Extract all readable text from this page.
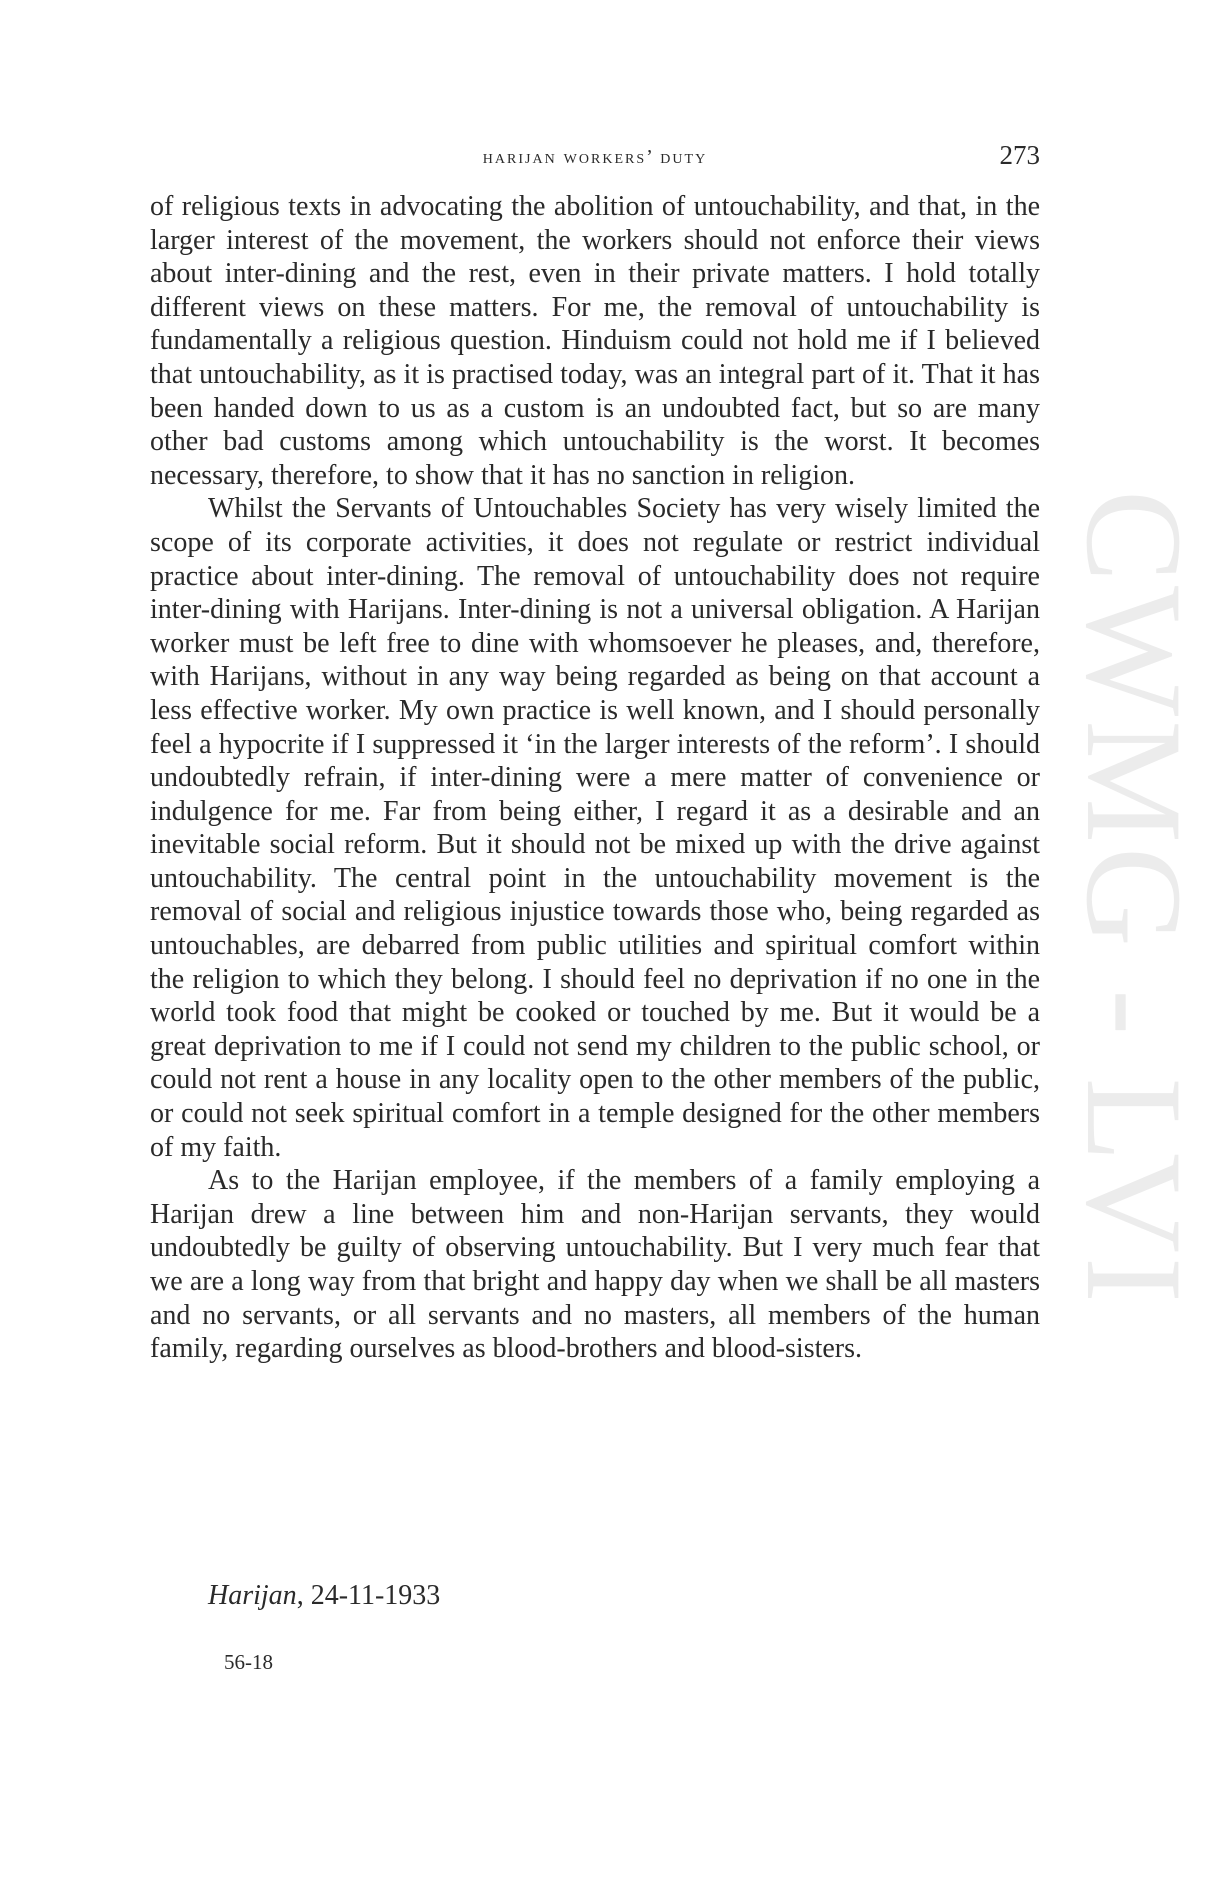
harijan workers’ duty	273

of religious texts in advocating the abolition of untouchability, and that, in the larger interest of the movement, the workers should not enforce their views about inter-dining and the rest, even in their private matters. I hold totally different views on these matters. For me, the removal of untouchability is fundamentally a religious question. Hinduism could not hold me if I believed that untouchability, as it is practised today, was an integral part of it. That it has been handed down to us as a custom is an undoubted fact, but so are many other bad customs among which untouchability is the worst. It becomes necessary, therefore, to show that it has no sanction in religion.

Whilst the Servants of Untouchables Society has very wisely limited the scope of its corporate activities, it does not regulate or restrict individual practice about inter-dining. The removal of untouchability does not require inter-dining with Harijans. Inter-dining is not a universal obligation. A Harijan worker must be left free to dine with whomsoever he pleases, and, therefore, with Harijans, without in any way being regarded as being on that account a less effective worker. My own practice is well known, and I should personally feel a hypocrite if I suppressed it ‘in the larger interests of the reform’. I should undoubtedly refrain, if inter-dining were a mere matter of convenience or indulgence for me. Far from being either, I regard it as a desirable and an inevitable social reform. But it should not be mixed up with the drive against untouchability. The central point in the untouchability movement is the removal of social and religious injustice towards those who, being regarded as untouchables, are debarred from public utilities and spiritual comfort within the religion to which they belong. I should feel no deprivation if no one in the world took food that might be cooked or touched by me. But it would be a great deprivation to me if I could not send my children to the public school, or could not rent a house in any locality open to the other members of the public, or could not seek spiritual comfort in a temple designed for the other members of my faith.

As to the Harijan employee, if the members of a family employing a Harijan drew a line between him and non-Harijan servants, they would undoubtedly be guilty of observing untouchability. But I very much fear that we are a long way from that bright and happy day when we shall be all masters and no servants, or all servants and no masters, all members of the human family, regarding ourselves as blood-brothers and blood-sisters.

Harijan, 24-11-1933
56-18
CWMG - LVI
